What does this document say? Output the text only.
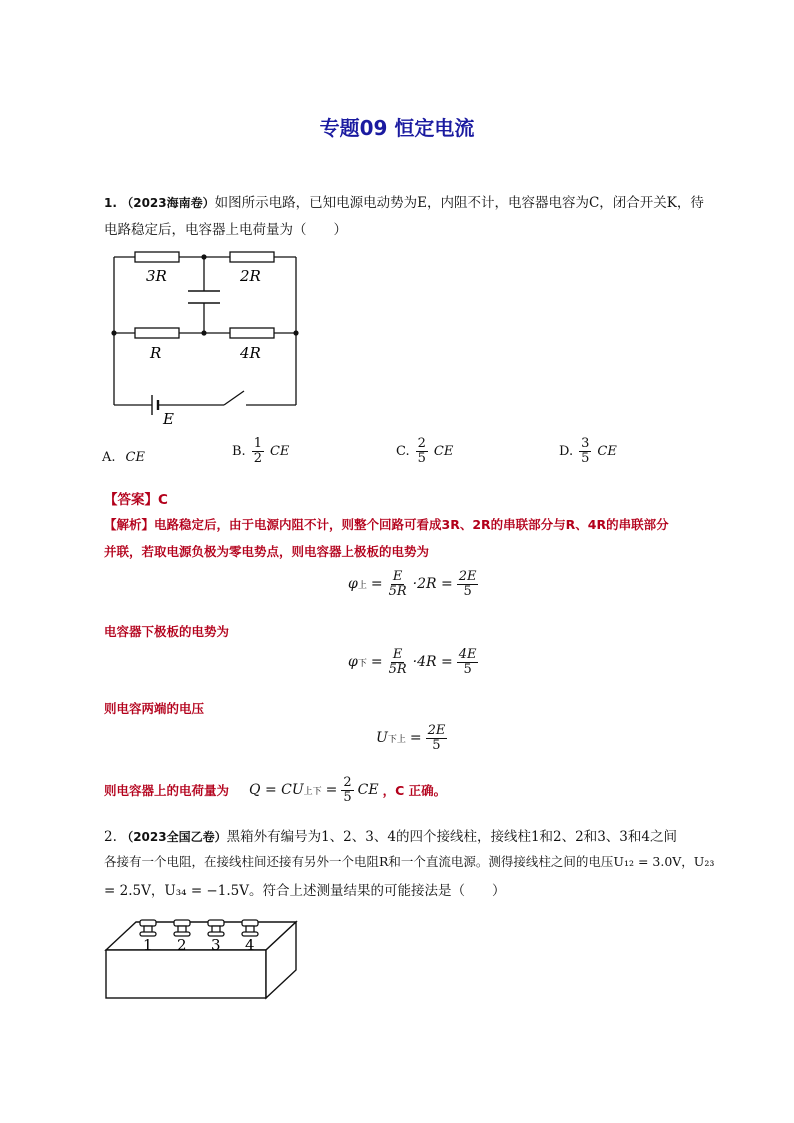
专题09 恒定电流
1. （2023海南卷）如图所示电路，已知电源电动势为E，内阻不计，电容器电容为C，闭合开关K，待
电路稳定后，电容器上电荷量为（　　）
3R	2R
R	4R
E
A. CE	B. $\frac{1}{2}$ CE	C. $\frac{2}{5}$ CE	D. $\frac{3}{5}$ CE
【答案】C
【解析】电路稳定后，由于电源内阻不计，则整个回路可看成3R、2R的串联部分与R、4R的串联部分
并联，若取电源负极为零电势点，则电容器上极板的电势为
φ 上 = $\frac{E}{5R} \cdot 2R = \frac{2E}{5}$
电容器下极板的电势为
φ 下 = $\frac{E}{5R} \cdot 4R = \frac{4E}{5}$
则电容两端的电压
U 下上 = $\frac{2E}{5}$
则电容器上的电荷量为 Q = CU 上下 = $\frac{2}{5}$ CE ，C 正确。
2. （2023全国乙卷）黑箱外有编号为1、2、3、4的四个接线柱，接线柱1和2、2和3、3和4之间
各接有一个电阻，在接线柱间还接有另外一个电阻R和一个直流电源。测得接线柱之间的电压U₁₂ = 3.0V，U₂₃
= 2.5V，U₃₄ = −1.5V。符合上述测量结果的可能接法是（　　）
1 2 3 4
